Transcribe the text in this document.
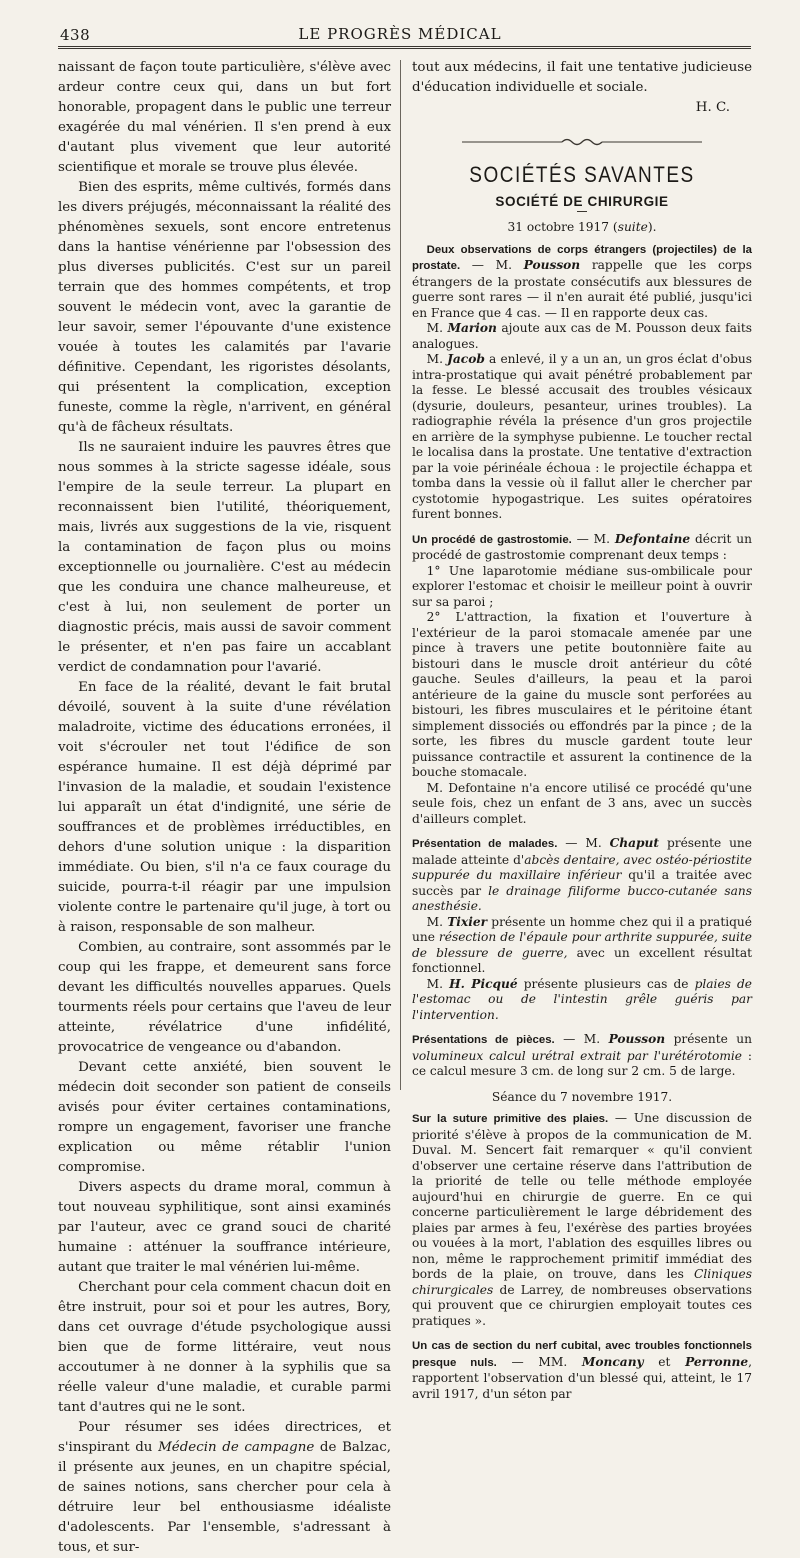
438	LE PROGRÈS MÉDICAL

naissant de façon toute particulière, s'élève avec ardeur contre ceux qui, dans un but fort honorable, propagent dans le public une terreur exagérée du mal vénérien. Il s'en prend à eux d'autant plus vivement que leur autorité scientifique et morale se trouve plus élevée.

Bien des esprits, même cultivés, formés dans les divers préjugés, méconnaissant la réalité des phénomènes sexuels, sont encore entretenus dans la hantise vénérienne par l'obsession des plus diverses publicités. C'est sur un pareil terrain que des hommes compétents, et trop souvent le médecin vont, avec la garantie de leur savoir, semer l'épouvante d'une existence vouée à toutes les calamités par l'avarie définitive. Cependant, les rigoristes désolants, qui présentent la complication, exception funeste, comme la règle, n'arrivent, en général qu'à de fâcheux résultats.

Ils ne sauraient induire les pauvres êtres que nous sommes à la stricte sagesse idéale, sous l'empire de la seule terreur. La plupart en reconnaissent bien l'utilité, théoriquement, mais, livrés aux suggestions de la vie, risquent la contamination de façon plus ou moins exceptionnelle ou journalière. C'est au médecin que les conduira une chance malheureuse, et c'est à lui, non seulement de porter un diagnostic précis, mais aussi de savoir comment le présenter, et n'en pas faire un accablant verdict de condamnation pour l'avarié.

En face de la réalité, devant le fait brutal dévoilé, souvent à la suite d'une révélation maladroite, victime des éducations erronées, il voit s'écrouler net tout l'édifice de son espérance humaine. Il est déjà déprimé par l'invasion de la maladie, et soudain l'existence lui apparaît un état d'indignité, une série de souffrances et de problèmes irréductibles, en dehors d'une solution unique : la disparition immédiate. Ou bien, s'il n'a ce faux courage du suicide, pourra-t-il réagir par une impulsion violente contre le partenaire qu'il juge, à tort ou à raison, responsable de son malheur.

Combien, au contraire, sont assommés par le coup qui les frappe, et demeurent sans force devant les difficultés nouvelles apparues. Quels tourments réels pour certains que l'aveu de leur atteinte, révélatrice d'une infidélité, provocatrice de vengeance ou d'abandon.

Devant cette anxiété, bien souvent le médecin doit seconder son patient de conseils avisés pour éviter certaines contaminations, rompre un engagement, favoriser une franche explication ou même rétablir l'union compromise.

Divers aspects du drame moral, commun à tout nouveau syphilitique, sont ainsi examinés par l'auteur, avec ce grand souci de charité humaine : atténuer la souffrance intérieure, autant que traiter le mal vénérien lui-même.

Cherchant pour cela comment chacun doit en être instruit, pour soi et pour les autres, Bory, dans cet ouvrage d'étude psychologique aussi bien que de forme littéraire, veut nous accoutumer à ne donner à la syphilis que sa réelle valeur d'une maladie, et curable parmi tant d'autres qui ne le sont.

Pour résumer ses idées directrices, et s'inspirant du Médecin de campagne de Balzac, il présente aux jeunes, en un chapitre spécial, de saines notions, sans chercher pour cela à détruire leur bel enthousiasme idéaliste d'adolescents. Par l'ensemble, s'adressant à tous, et sur-

tout aux médecins, il fait une tentative judicieuse d'éducation individuelle et sociale.
H. C.
SOCIÉTÉS SAVANTES
SOCIÉTÉ DE CHIRURGIE
31 octobre 1917 (suite).

Deux observations de corps étrangers (projectiles) de la prostate. — M. Pousson rappelle que les corps étrangers de la prostate consécutifs aux blessures de guerre sont rares — il n'en aurait été publié, jusqu'ici en France que 4 cas. — Il en rapporte deux cas.

M. Marion ajoute aux cas de M. Pousson deux faits analogues.

M. Jacob a enlevé, il y a un an, un gros éclat d'obus intra-prostatique qui avait pénétré probablement par la fesse. Le blessé accusait des troubles vésicaux (dysurie, douleurs, pesanteur, urines troubles). La radiographie révéla la présence d'un gros projectile en arrière de la symphyse pubienne. Le toucher rectal le localisa dans la prostate. Une tentative d'extraction par la voie périnéale échoua : le projectile échappa et tomba dans la vessie où il fallut aller le chercher par cystotomie hypogastrique. Les suites opératoires furent bonnes.

Un procédé de gastrostomie. — M. Defontaine décrit un procédé de gastrostomie comprenant deux temps :

1° Une laparotomie médiane sus-ombilicale pour explorer l'estomac et choisir le meilleur point à ouvrir sur sa paroi ;

2° L'attraction, la fixation et l'ouverture à l'extérieur de la paroi stomacale amenée par une pince à travers une petite boutonnière faite au bistouri dans le muscle droit antérieur du côté gauche. Seules d'ailleurs, la peau et la paroi antérieure de la gaine du muscle sont perforées au bistouri, les fibres musculaires et le péritoine étant simplement dissociés ou effondrés par la pince ; de la sorte, les fibres du muscle gardent toute leur puissance contractile et assurent la continence de la bouche stomacale.

M. Defontaine n'a encore utilisé ce procédé qu'une seule fois, chez un enfant de 3 ans, avec un succès d'ailleurs complet.

Présentation de malades. — M. Chaput présente une malade atteinte d'abcès dentaire, avec ostéo-périostite suppurée du maxillaire inférieur qu'il a traitée avec succès par le drainage filiforme bucco-cutanée sans anesthésie.

M. Tixier présente un homme chez qui il a pratiqué une résection de l'épaule pour arthrite suppurée, suite de blessure de guerre, avec un excellent résultat fonctionnel.

M. H. Picqué présente plusieurs cas de plaies de l'estomac ou de l'intestin grêle guéris par l'intervention.

Présentations de pièces. — M. Pousson présente un volumineux calcul urétral extrait par l'urétérotomie : ce calcul mesure 3 cm. de long sur 2 cm. 5 de large.

Séance du 7 novembre 1917.

Sur la suture primitive des plaies. — Une discussion de priorité s'élève à propos de la communication de M. Duval. M. Sencert fait remarquer « qu'il convient d'observer une certaine réserve dans l'attribution de la priorité de telle ou telle méthode employée aujourd'hui en chirurgie de guerre. En ce qui concerne particulièrement le large débridement des plaies par armes à feu, l'exérèse des parties broyées ou vouées à la mort, l'ablation des esquilles libres ou non, même le rapprochement primitif immédiat des bords de la plaie, on trouve, dans les Cliniques chirurgicales de Larrey, de nombreuses observations qui prouvent que ce chirurgien employait toutes ces pratiques ».

Un cas de section du nerf cubital, avec troubles fonctionnels presque nuls. — MM. Moncany et Perronne, rapportent l'observation d'un blessé qui, atteint, le 17 avril 1917, d'un séton par
